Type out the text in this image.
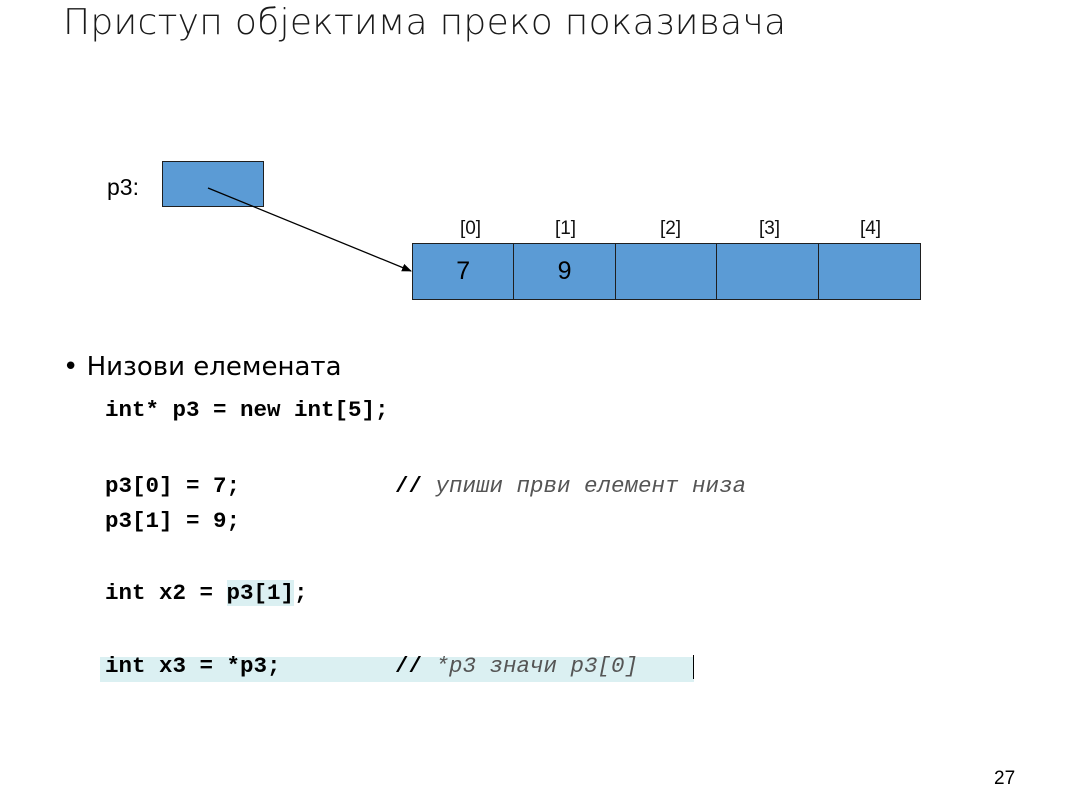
Приступ објектима преко показивача
p3:
[0]	[1]	[2]	[3]	[4]
7	9
• Низови елемената
int* p3 = new int[5];
p3[0] = 7;	// упиши први елемент низа
p3[1] = 9;
int x2 = p3[1];
int x3 = *p3;	// *p3 значи p3[0]
27
